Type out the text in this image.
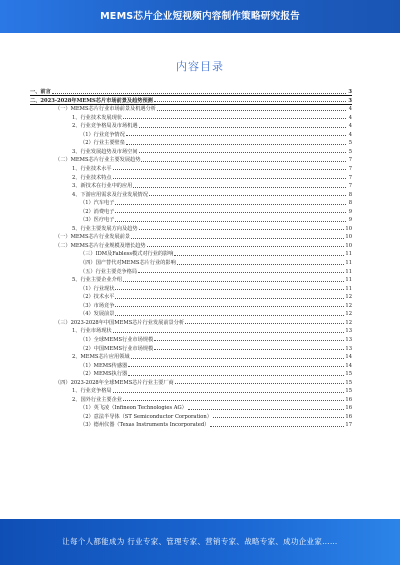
MEMS芯片企业短视频内容制作策略研究报告
内容目录
一、前言	3
二、2023-2028年MEMS芯片市场前景及趋势预测	3
（一）MEMS芯片行业市场前景及机遇分析	4
1、行业技术发展现状	4
2、行业竞争格局及市场机遇	4
（1）行业竞争情况	4
（2）行业主要壁垒	5
3、行业发展趋势及市场空间	5
（二）MEMS芯片行业主要发展趋势	7
1、行业技术水平	7
2、行业技术特点	7
3、新技术在行业中的应用	7
4、下游应用需求及行业发展情况	8
（1）汽车电子	8
（2）消费电子	9
（3）医疗电子	9
5、行业主要发展方向及趋势	10
（一）MEMS芯片行业发展前景	10
（二）MEMS芯片行业规模及增长趋势	10
（三）IDM及Fabless模式对行业的影响	11
（四）国产替代对MEMS芯片行业的影响	11
（五）行业主要竞争格局	11
5、行业主要企业介绍	11
（1）行业现状	11
（2）技术水平	12
（3）市场竞争	12
（4）发展前景	12
（三）2023-2028年中国MEMS芯片行业发展前景分析	12
1、行业市场现状	13
（1）全球MEMS行业市场规模	13
（2）中国MEMS行业市场规模	13
2、MEMS芯片应用领域	14
（1）MEMS传感器	14
（2）MEMS执行器	15
（四）2023-2028年全球MEMS芯片行业主要厂商	15
1、行业竞争格局	15
2、国外行业主要企业	16
（1）英飞凌（Infineon Technologies AG）	16
（2）意法半导体（ST Semiconductor Corporation）	16
（3）德州仪器（Texas Instruments Incorporated）	17
让每个人都能成为 行业专家、管理专家、营销专家、战略专家、成功企业家……
